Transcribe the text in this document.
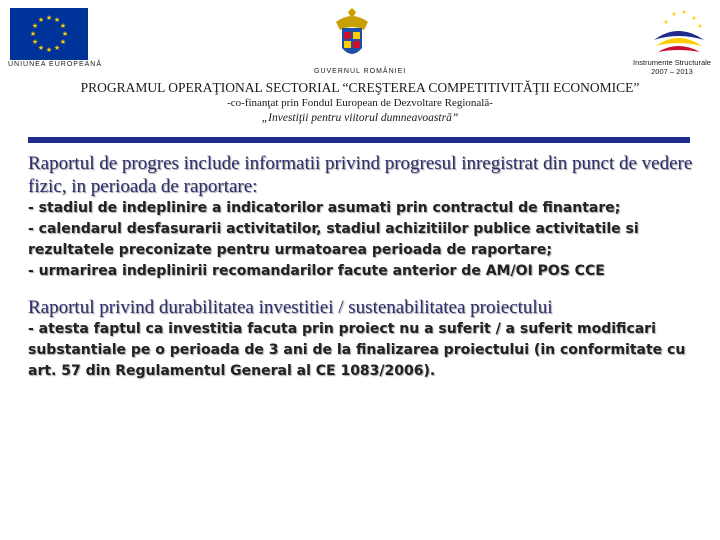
★ ★
★
★
★
★
★
★
★
★
★
★
UNIUNEA EUROPEANĂ
GUVERNUL ROMÂNIEI
★
★ ★
★
★
Instrumente Structurale
2007 – 2013
PROGRAMUL OPERAŢIONAL SECTORIAL “CREŞTEREA COMPETITIVITĂŢII ECONOMICE”
-co-finanţat prin Fondul European de Dezvoltare Regională-
„Investiţii pentru viitorul dumneavoastră”
Raportul de progres include informatii privind progresul inregistrat din punct de vedere fizic, in perioada de raportare:
- stadiul de indeplinire a indicatorilor asumati prin contractul de finantare;
- calendarul desfasurarii activitatilor, stadiul achizitiilor publice activitatile si rezultatele preconizate pentru urmatoarea perioada de raportare;
- urmarirea indeplinirii recomandarilor facute anterior de AM/OI POS CCE
Raportul privind durabilitatea investitiei / sustenabilitatea proiectului
- atesta faptul ca investitia facuta prin proiect nu a suferit / a suferit modificari substantiale pe o perioada de 3 ani de la finalizarea proiectului (in conformitate cu art. 57 din Regulamentul General al CE 1083/2006).
